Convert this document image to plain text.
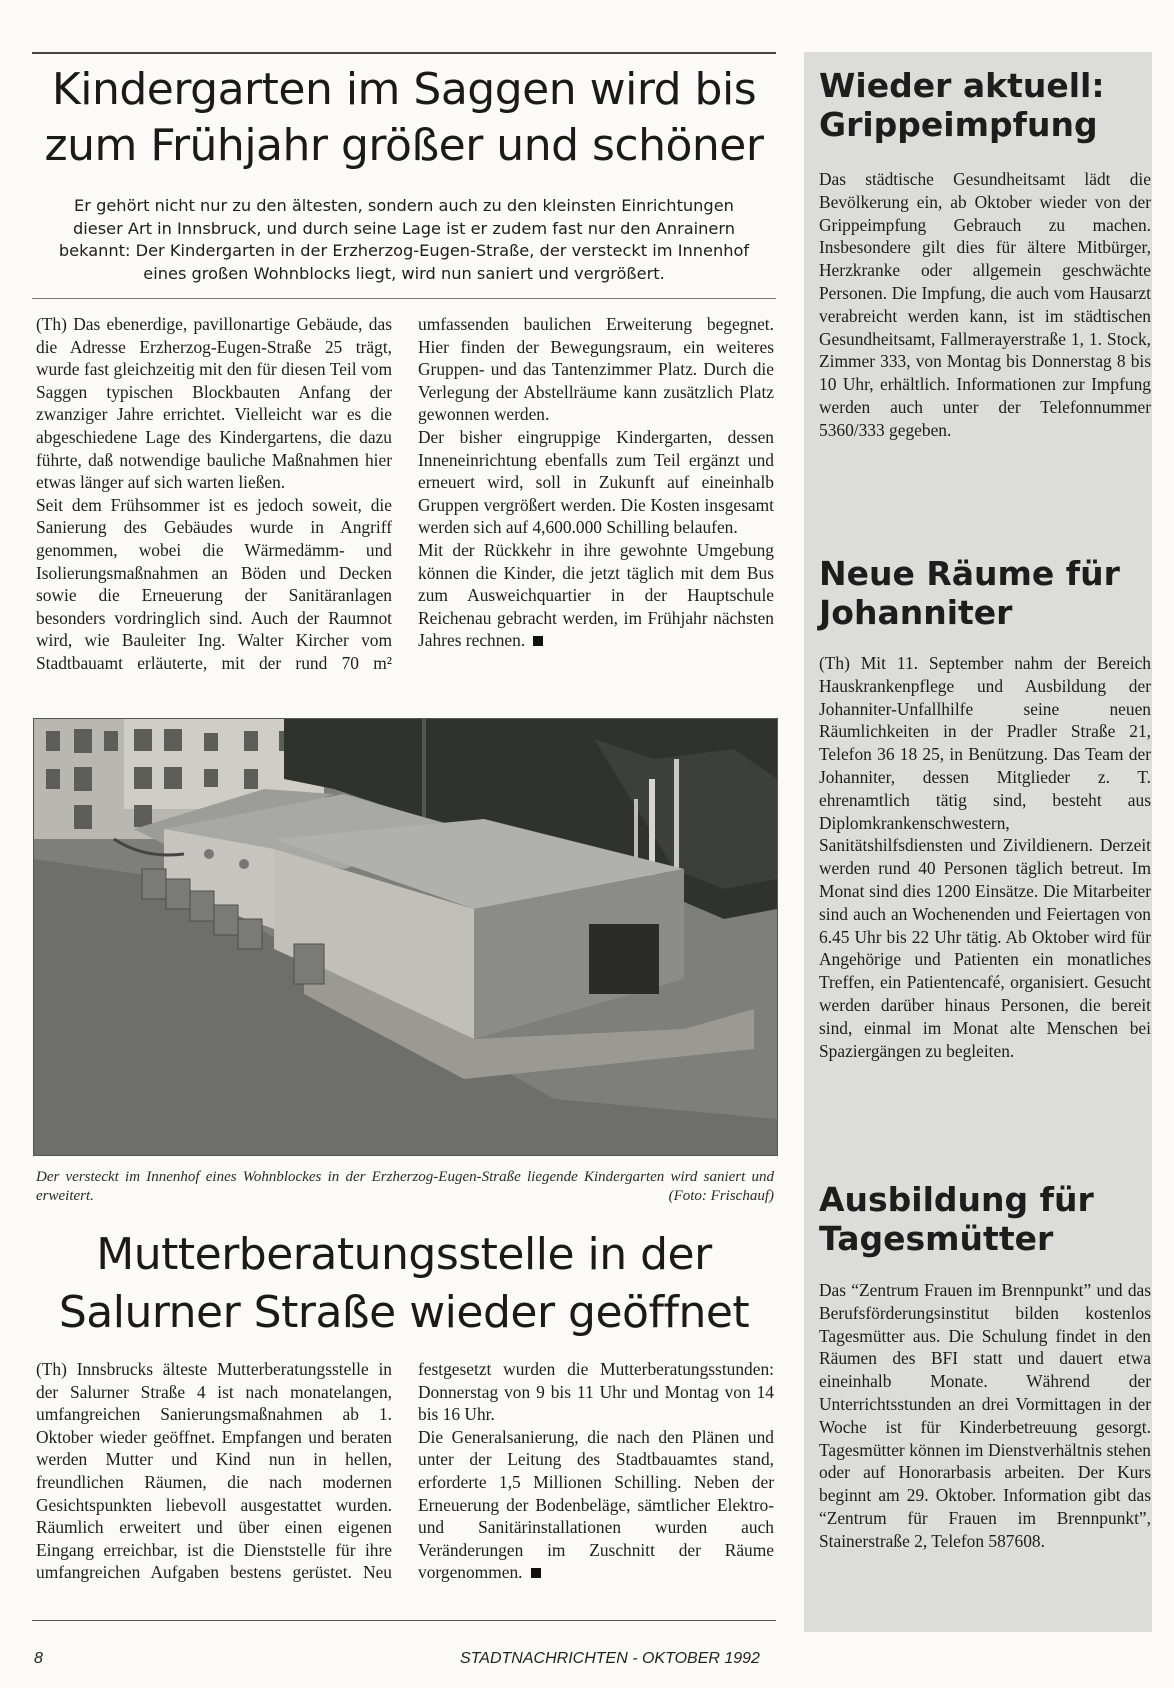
Kindergarten im Saggen wird bis
zum Frühjahr größer und schöner

Er gehört nicht nur zu den ältesten, sondern auch zu den kleinsten Einrichtungen dieser Art in Innsbruck, und durch seine Lage ist er zudem fast nur den Anrainern bekannt: Der Kindergarten in der Erzherzog-Eugen-Straße, der versteckt im Innenhof eines großen Wohnblocks liegt, wird nun saniert und vergrößert.

(Th) Das ebenerdige, pavillonartige Gebäude, das die Adresse Erzherzog-Eugen-Straße 25 trägt, wurde fast gleichzeitig mit den für diesen Teil vom Saggen typischen Blockbauten Anfang der zwanziger Jahre errichtet. Vielleicht war es die abgeschiedene Lage des Kindergartens, die dazu führte, daß notwendige bauliche Maßnahmen hier etwas länger auf sich warten ließen.

Seit dem Frühsommer ist es jedoch soweit, die Sanierung des Gebäudes wurde in Angriff genommen, wobei die Wärmedämm- und Isolierungsmaßnahmen an Böden und Decken sowie die Erneuerung der Sanitäranlagen besonders vordringlich sind. Auch der Raumnot wird, wie Bauleiter Ing. Walter Kircher vom Stadtbauamt erläuterte, mit der rund 70 m² umfassenden baulichen Erweiterung begegnet. Hier finden der Bewegungsraum, ein weiteres Gruppen- und das Tantenzimmer Platz. Durch die Verlegung der Abstellräume kann zusätzlich Platz gewonnen werden.

Der bisher eingruppige Kindergarten, dessen Inneneinrichtung ebenfalls zum Teil ergänzt und erneuert wird, soll in Zukunft auf eineinhalb Gruppen vergrößert werden. Die Kosten insgesamt werden sich auf 4,600.000 Schilling belaufen.

Mit der Rückkehr in ihre gewohnte Umgebung können die Kinder, die jetzt täglich mit dem Bus zum Ausweichquartier in der Hauptschule Reichenau gebracht werden, im Frühjahr nächsten Jahres rechnen.

Der versteckt im Innenhof eines Wohnblockes in der Erzherzog-Eugen-Straße liegende Kindergarten wird saniert und erweitert.	(Foto: Frischauf)

Mutterberatungsstelle in der
Salurner Straße wieder geöffnet

(Th) Innsbrucks älteste Mutterberatungsstelle in der Salurner Straße 4 ist nach monatelangen, umfangreichen Sanierungsmaßnahmen ab 1. Oktober wieder geöffnet. Empfangen und beraten werden Mutter und Kind nun in hellen, freundlichen Räumen, die nach modernen Gesichtspunkten liebevoll ausgestattet wurden. Räumlich erweitert und über einen eigenen Eingang erreichbar, ist die Dienststelle für ihre umfangreichen Aufgaben bestens gerüstet. Neu festgesetzt wurden die Mutterberatungsstunden: Donnerstag von 9 bis 11 Uhr und Montag von 14 bis 16 Uhr.

Die Generalsanierung, die nach den Plänen und unter der Leitung des Stadtbauamtes stand, erforderte 1,5 Millionen Schilling. Neben der Erneuerung der Bodenbeläge, sämtlicher Elektro- und Sanitärinstallationen wurden auch Veränderungen im Zuschnitt der Räume vorgenommen.

Wieder aktuell:
Grippeimpfung

Das städtische Gesundheitsamt lädt die Bevölkerung ein, ab Oktober wieder von der Grippeimpfung Gebrauch zu machen. Insbesondere gilt dies für ältere Mitbürger, Herzkranke oder allgemein geschwächte Personen. Die Impfung, die auch vom Hausarzt verabreicht werden kann, ist im städtischen Gesundheitsamt, Fallmerayerstraße 1, 1. Stock, Zimmer 333, von Montag bis Donnerstag 8 bis 10 Uhr, erhältlich. Informationen zur Impfung werden auch unter der Telefonnummer 5360/333 gegeben.

Neue Räume für
Johanniter

(Th) Mit 11. September nahm der Bereich Hauskrankenpflege und Ausbildung der Johanniter-Unfallhilfe seine neuen Räumlichkeiten in der Pradler Straße 21, Telefon 36 18 25, in Benützung. Das Team der Johanniter, dessen Mitglieder z. T. ehrenamtlich tätig sind, besteht aus Diplomkrankenschwestern, Sanitätshilfsdiensten und Zivildienern. Derzeit werden rund 40 Personen täglich betreut. Im Monat sind dies 1200 Einsätze. Die Mitarbeiter sind auch an Wochenenden und Feiertagen von 6.45 Uhr bis 22 Uhr tätig. Ab Oktober wird für Angehörige und Patienten ein monatliches Treffen, ein Patientencafé, organisiert. Gesucht werden darüber hinaus Personen, die bereit sind, einmal im Monat alte Menschen bei Spaziergängen zu begleiten.

Ausbildung für
Tagesmütter

Das “Zentrum Frauen im Brennpunkt” und das Berufsförderungsinstitut bilden kostenlos Tagesmütter aus. Die Schulung findet in den Räumen des BFI statt und dauert etwa eineinhalb Monate. Während der Unterrichtsstunden an drei Vormittagen in der Woche ist für Kinderbetreuung gesorgt. Tagesmütter können im Dienstverhältnis stehen oder auf Honorarbasis arbeiten. Der Kurs beginnt am 29. Oktober. Information gibt das “Zentrum für Frauen im Brennpunkt”, Stainerstraße 2, Telefon 587608.

8	STADTNACHRICHTEN - OKTOBER 1992
